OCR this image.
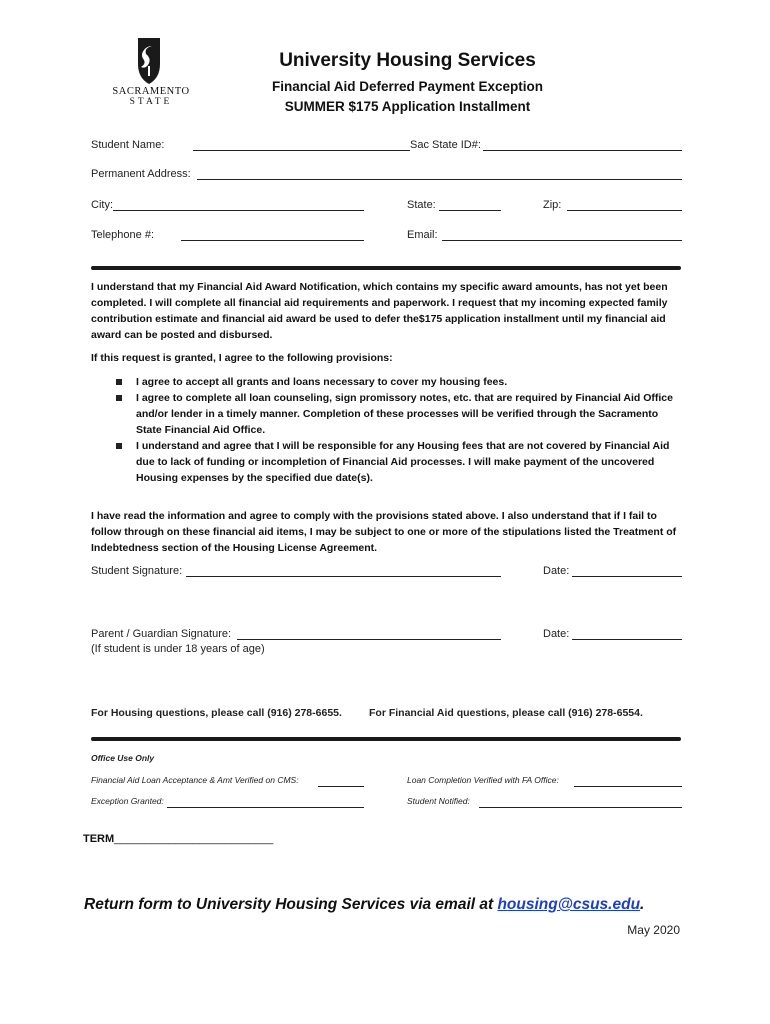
SACRAMENTO
STATE
University Housing Services
Financial Aid Deferred Payment Exception
SUMMER $175 Application Installment
Student Name:	Sac State ID#:
Permanent Address:
City:	State:	Zip:
Telephone #:	Email:
I understand that my Financial Aid Award Notification, which contains my specific award amounts, has not yet been completed. I will complete all financial aid requirements and paperwork. I request that my incoming expected family contribution estimate and financial aid award be used to defer the$175 application installment until my financial aid award can be posted and disbursed.
If this request is granted, I agree to the following provisions:
I agree to accept all grants and loans necessary to cover my housing fees.
I agree to complete all loan counseling, sign promissory notes, etc. that are required by Financial Aid Office and/or lender in a timely manner. Completion of these processes will be verified through the Sacramento State Financial Aid Office.
I understand and agree that I will be responsible for any Housing fees that are not covered by Financial Aid due to lack of funding or incompletion of Financial Aid processes. I will make payment of the uncovered Housing expenses by the specified due date(s).
I have read the information and agree to comply with the provisions stated above. I also understand that if I fail to follow through on these financial aid items, I may be subject to one or more of the stipulations listed the Treatment of Indebtedness section of the Housing License Agreement.
Student Signature:	Date:
Parent / Guardian Signature:	Date:
(If student is under 18 years of age)
For Housing questions, please call (916) 278-6655.	For Financial Aid questions, please call (916) 278-6554.
Office Use Only
Financial Aid Loan Acceptance & Amt Verified on CMS:	Loan Completion Verified with FA Office:
Exception Granted:	Student Notified:
TERM__________________________
Return form to University Housing Services via email at housing@csus.edu.
May 2020
